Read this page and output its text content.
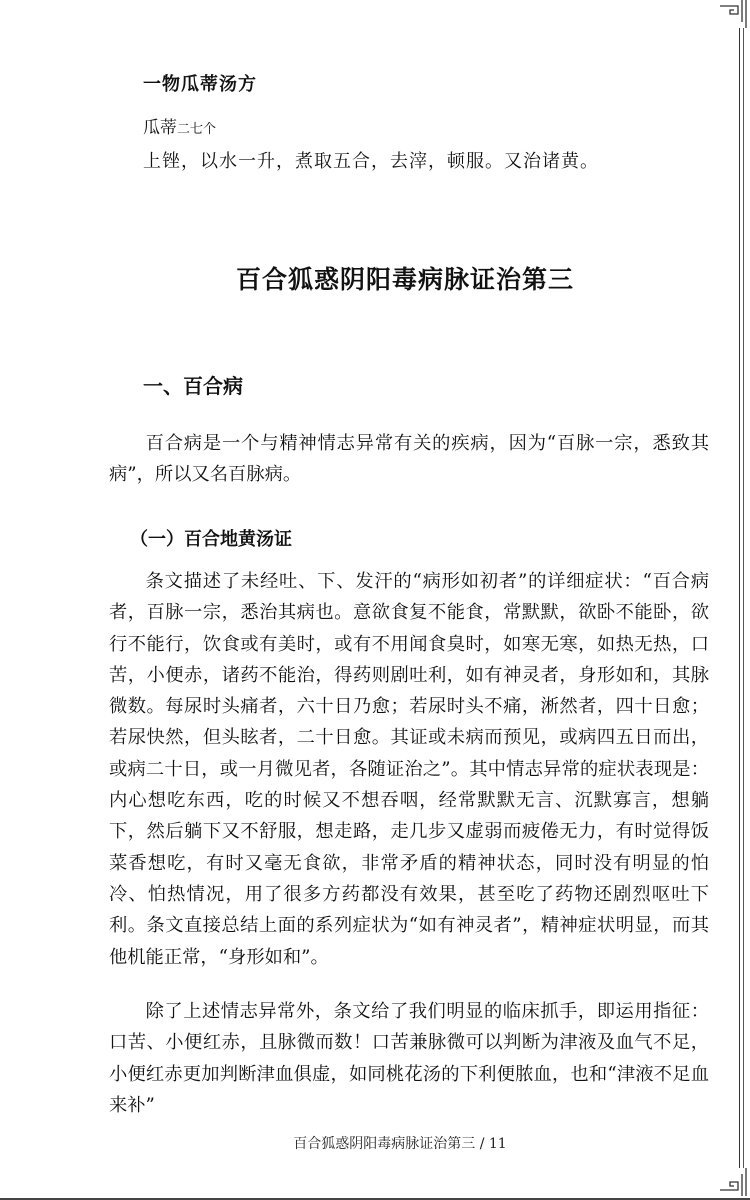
一物瓜蒂汤方
瓜蒂二七个
上锉，以水一升，煮取五合，去滓，顿服。又治诸黄。
百合狐惑阴阳毒病脉证治第三
一、百合病
百合病是一个与精神情志异常有关的疾病，因为“百脉一宗，悉致其病”，所以又名百脉病。
（一）百合地黄汤证
条文描述了未经吐、下、发汗的“病形如初者”的详细症状：“百合病者，百脉一宗，悉治其病也。意欲食复不能食，常默默，欲卧不能卧，欲行不能行，饮食或有美时，或有不用闻食臭时，如寒无寒，如热无热，口苦，小便赤，诸药不能治，得药则剧吐利，如有神灵者，身形如和，其脉微数。每尿时头痛者，六十日乃愈；若尿时头不痛，淅然者，四十日愈；若尿快然，但头眩者，二十日愈。其证或未病而预见，或病四五日而出，或病二十日，或一月微见者，各随证治之”。其中情志异常的症状表现是：内心想吃东西，吃的时候又不想吞咽，经常默默无言、沉默寡言，想躺下，然后躺下又不舒服，想走路，走几步又虚弱而疲倦无力，有时觉得饭菜香想吃，有时又毫无食欲，非常矛盾的精神状态，同时没有明显的怕冷、怕热情况，用了很多方药都没有效果，甚至吃了药物还剧烈呕吐下利。条文直接总结上面的系列症状为“如有神灵者”，精神症状明显，而其他机能正常，“身形如和”。
除了上述情志异常外，条文给了我们明显的临床抓手，即运用指征：口苦、小便红赤，且脉微而数！口苦兼脉微可以判断为津液及血气不足，小便红赤更加判断津血俱虚，如同桃花汤的下利便脓血，也和“津液不足血来补”
百合狐惑阴阳毒病脉证治第三 / 11
